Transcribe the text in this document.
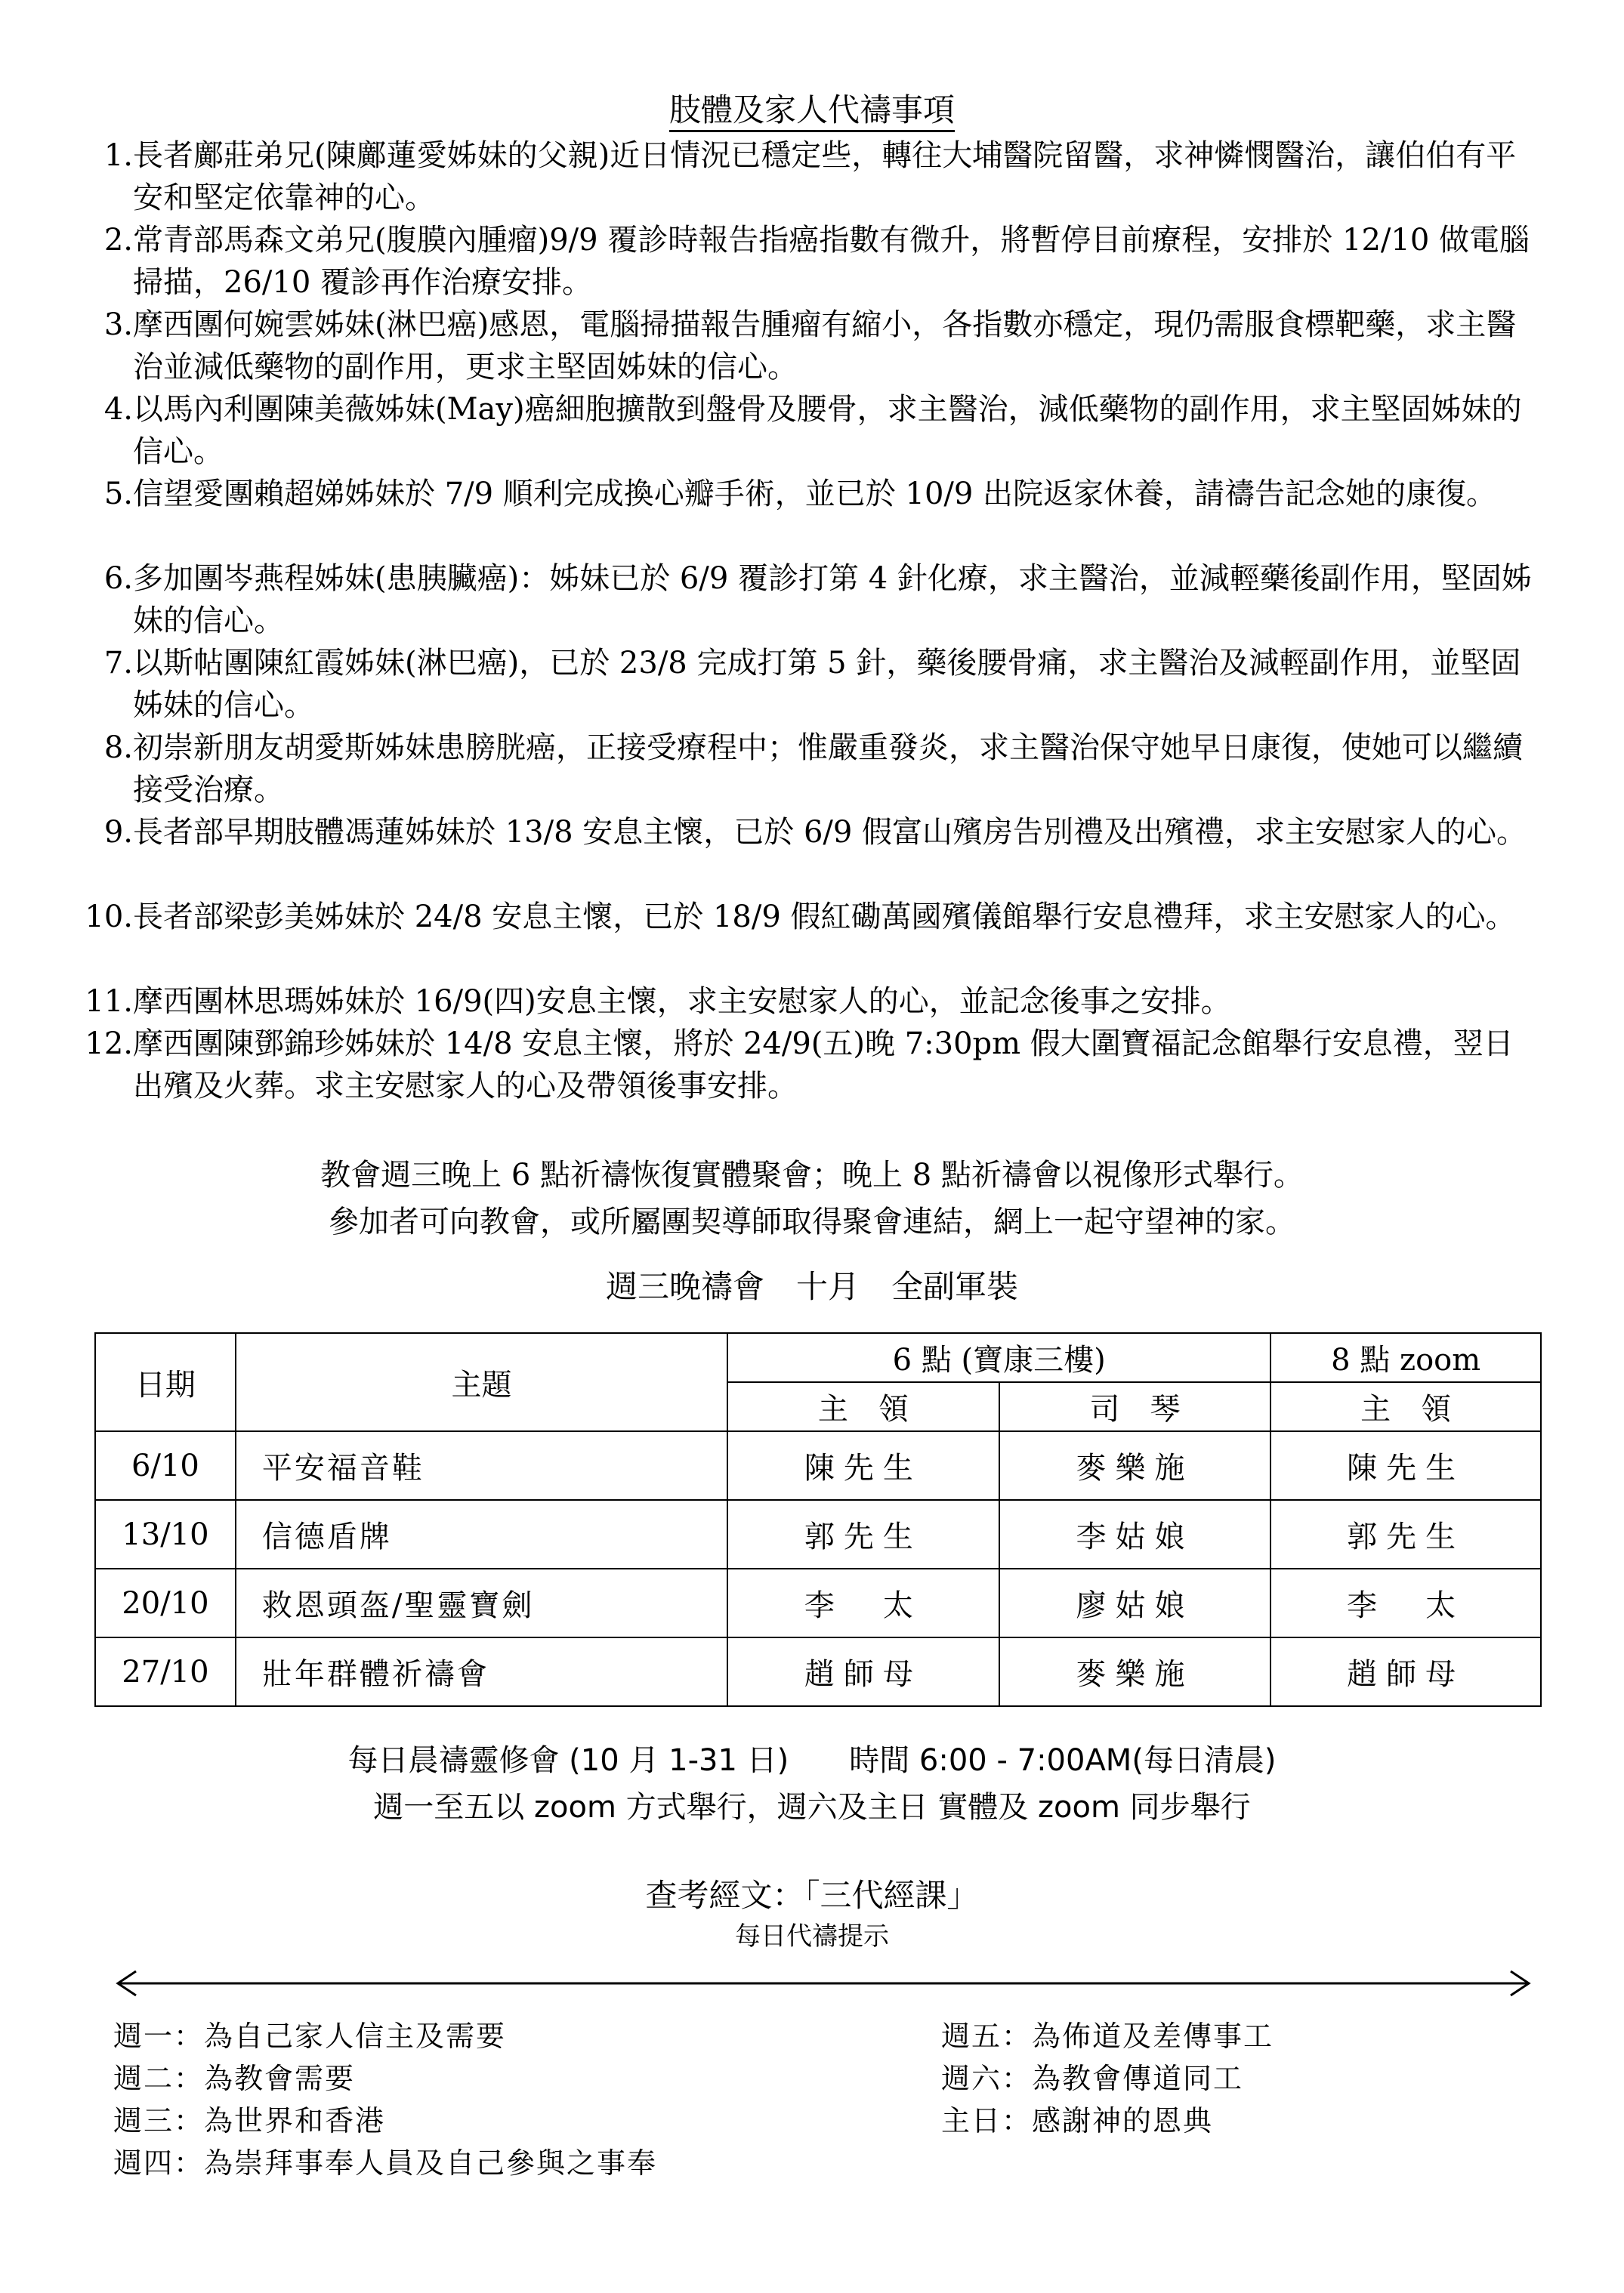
肢體及家人代禱事項
1. 長者鄺莊弟兄(陳鄺蓮愛姊妹的父親)近日情況已穩定些，轉往大埔醫院留醫，求神憐憫醫治，讓伯伯有平安和堅定依靠神的心。
2. 常青部馬森文弟兄(腹膜內腫瘤)9/9 覆診時報告指癌指數有微升，將暫停目前療程，安排於 12/10 做電腦掃描，26/10 覆診再作治療安排。
3. 摩西團何婉雲姊妹(淋巴癌)感恩，電腦掃描報告腫瘤有縮小，各指數亦穩定，現仍需服食標靶藥，求主醫治並減低藥物的副作用，更求主堅固姊妹的信心。
4. 以馬內利團陳美薇姊妹(May)癌細胞擴散到盤骨及腰骨，求主醫治，減低藥物的副作用，求主堅固姊妹的信心。
5. 信望愛團賴超娣姊妹於 7/9 順利完成換心瓣手術，並已於 10/9 出院返家休養，請禱告記念她的康復。
6. 多加團岑燕程姊妹(患胰臟癌)：姊妹已於 6/9 覆診打第 4 針化療，求主醫治，並減輕藥後副作用，堅固姊妹的信心。
7. 以斯帖團陳紅霞姊妹(淋巴癌)，已於 23/8 完成打第 5 針，藥後腰骨痛，求主醫治及減輕副作用，並堅固姊妹的信心。
8. 初崇新朋友胡愛斯姊妹患膀胱癌，正接受療程中；惟嚴重發炎，求主醫治保守她早日康復，使她可以繼續接受治療。
9. 長者部早期肢體馮蓮姊妹於 13/8 安息主懷，已於 6/9 假富山殯房告別禮及出殯禮，求主安慰家人的心。
10. 長者部梁彭美姊妹於 24/8 安息主懷，已於 18/9 假紅磡萬國殯儀館舉行安息禮拜，求主安慰家人的心。
11. 摩西團林思瑪姊妹於 16/9(四)安息主懷，求主安慰家人的心，並記念後事之安排。
12. 摩西團陳鄧錦珍姊妹於 14/8 安息主懷，將於 24/9(五)晚 7:30pm 假大圍寶福記念館舉行安息禮，翌日出殯及火葬。求主安慰家人的心及帶領後事安排。
教會週三晚上 6 點祈禱恢復實體聚會；晚上 8 點祈禱會以視像形式舉行。
參加者可向教會，或所屬團契導師取得聚會連結，網上一起守望神的家。
週三晚禱會　十月　全副軍裝
日期	主題	6 點 (寶康三樓)		8 點 zoom
		主　領	司　琴	主　領
6/10	平安福音鞋	陳先生	麥樂施	陳先生
13/10	信德盾牌	郭先生	李姑娘	郭先生
20/10	救恩頭盔/聖靈寶劍	李　太	廖姑娘	李　太
27/10	壯年群體祈禱會	趙師母	麥樂施	趙師母
每日晨禱靈修會 (10 月 1-31 日)　　時間 6:00 - 7:00AM(每日清晨)
週一至五以 zoom 方式舉行，週六及主日 實體及 zoom 同步舉行
查考經文：「三代經課」
每日代禱提示
週一：為自己家人信主及需要
週二：為教會需要
週三：為世界和香港
週四：為崇拜事奉人員及自己參與之事奉
週五：為佈道及差傳事工
週六：為教會傳道同工
主日：感謝神的恩典
